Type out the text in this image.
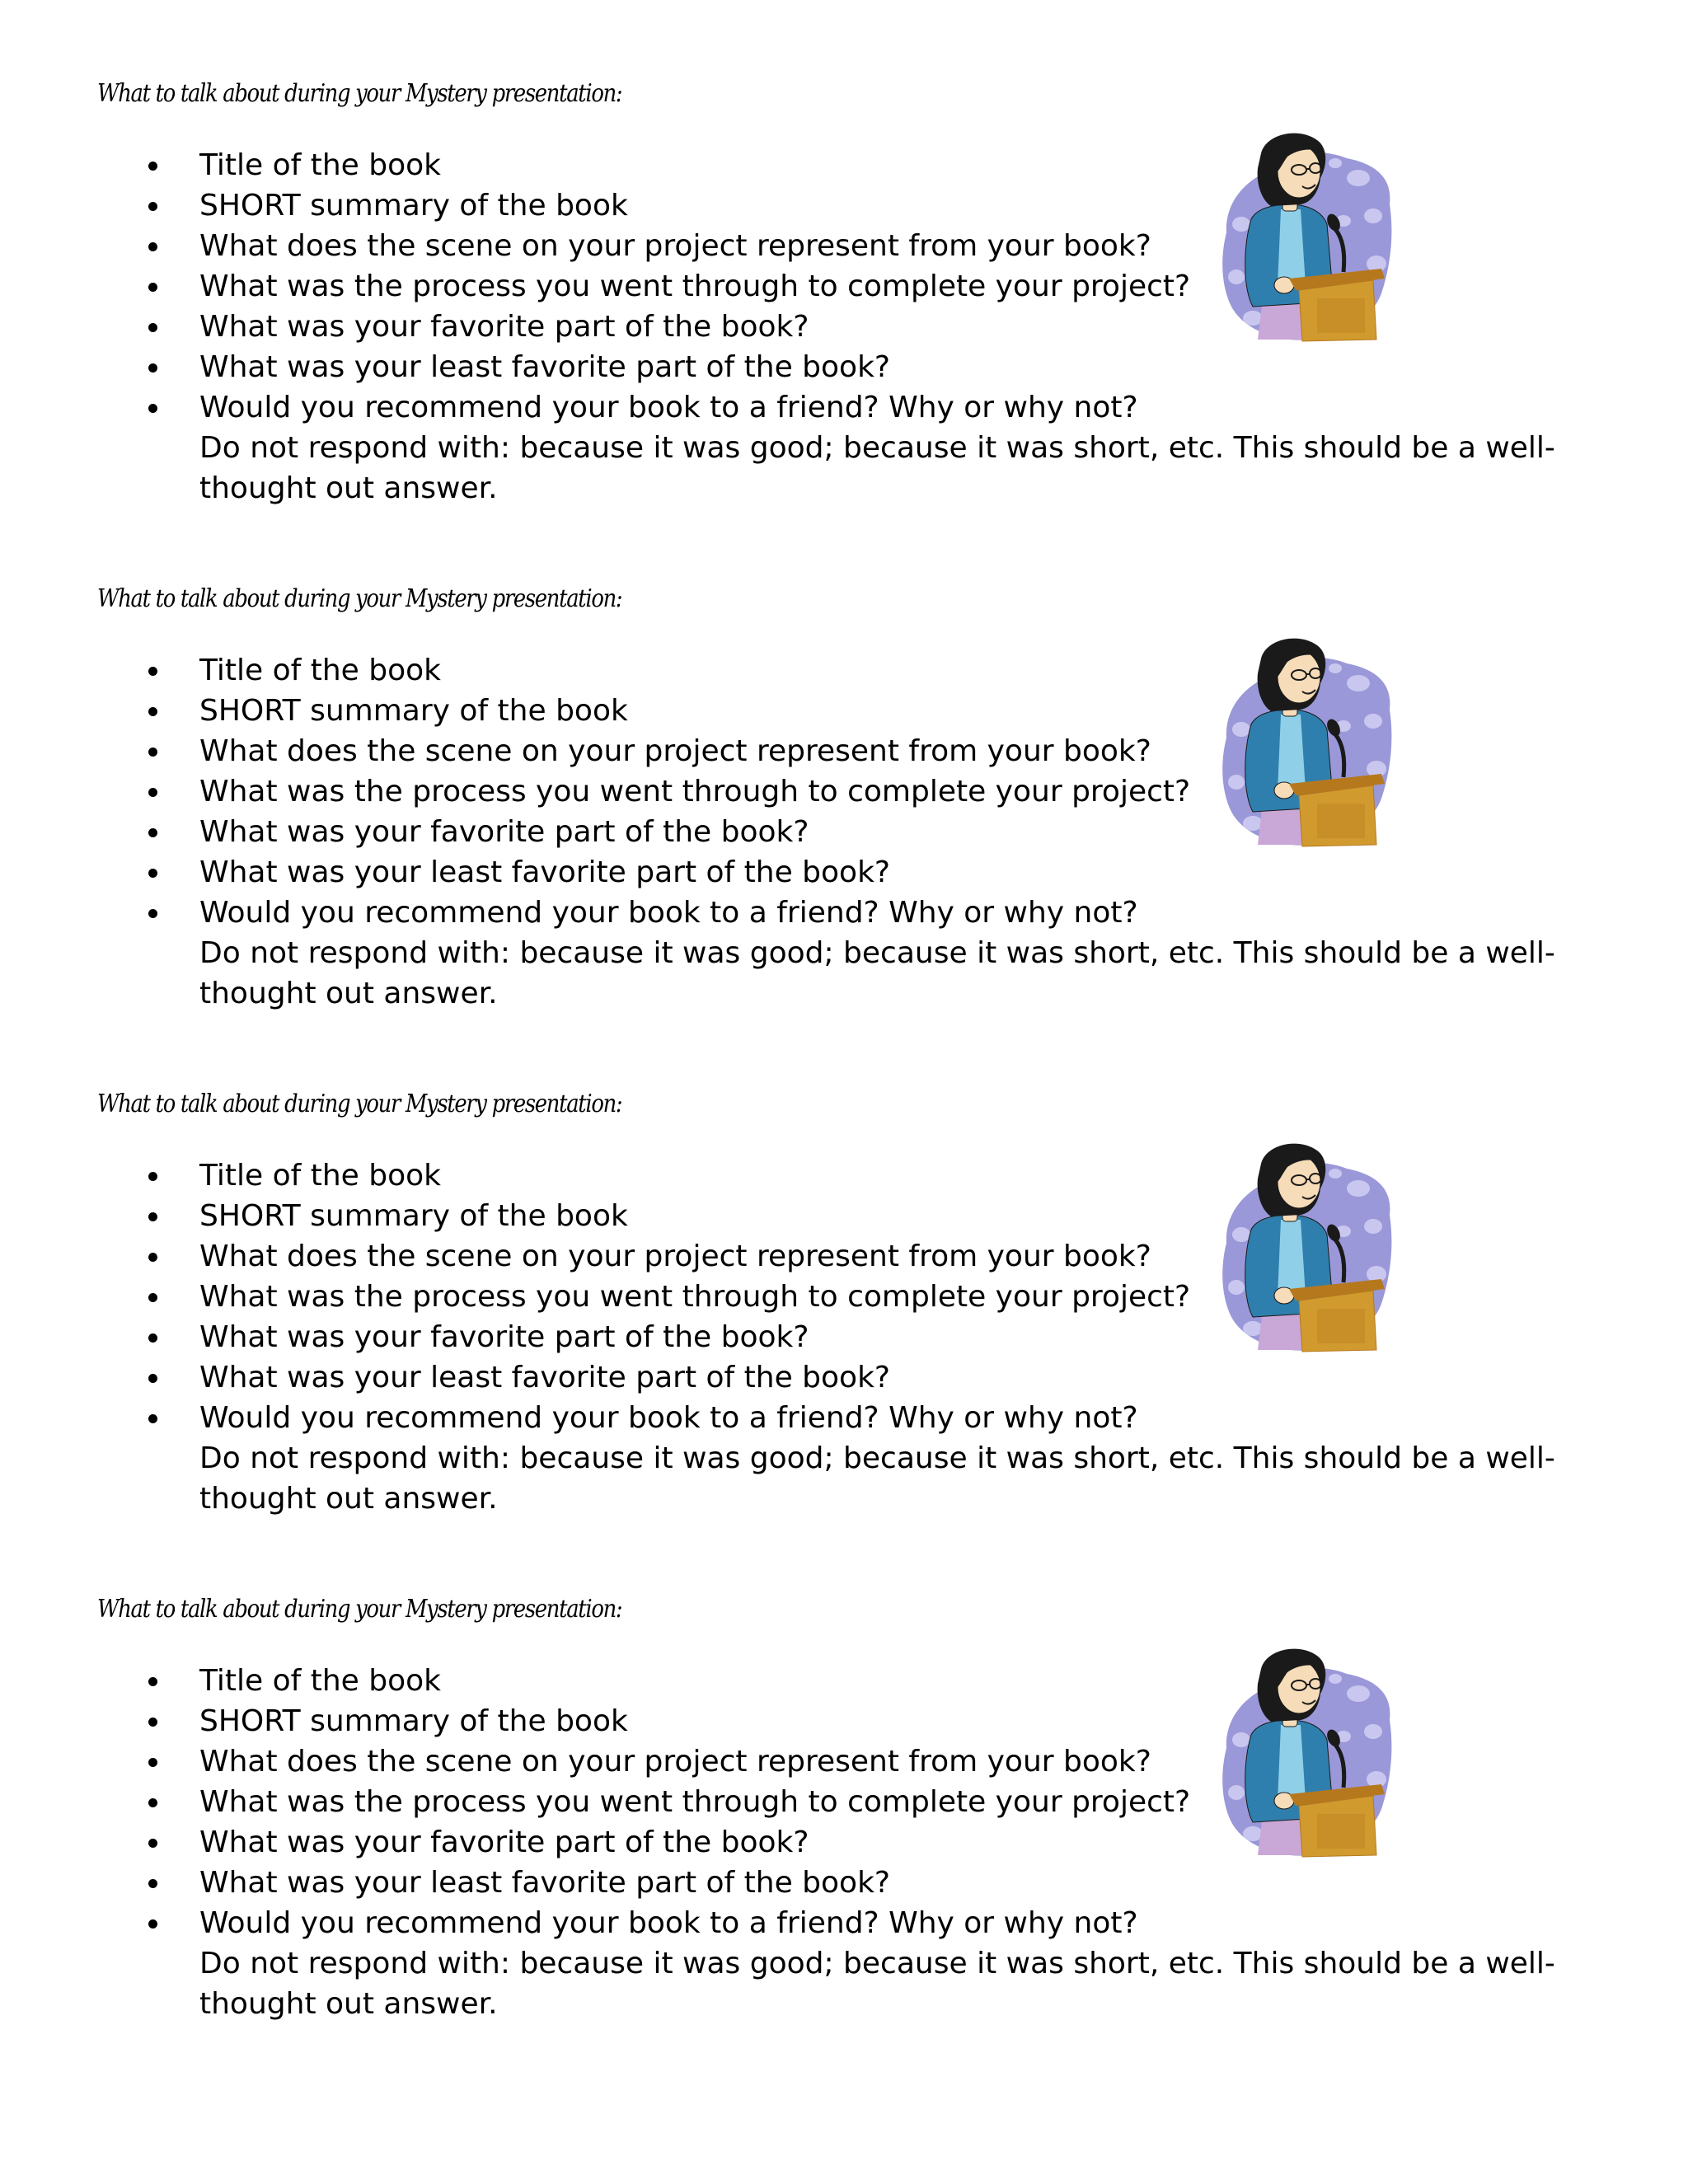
What to talk about during your Mystery presentation:
Title of the book
SHORT summary of the book
What does the scene on your project represent from your book?
What was the process you went through to complete your project?
What was your favorite part of the book?
What was your least favorite part of the book?
Would you recommend your book to a friend? Why or why not?

Do not respond with: because it was good; because it was short, etc. This should be a well-thought out answer.

What to talk about during your Mystery presentation:
Title of the book
SHORT summary of the book
What does the scene on your project represent from your book?
What was the process you went through to complete your project?
What was your favorite part of the book?
What was your least favorite part of the book?
Would you recommend your book to a friend? Why or why not?

Do not respond with: because it was good; because it was short, etc. This should be a well-thought out answer.

What to talk about during your Mystery presentation:
Title of the book
SHORT summary of the book
What does the scene on your project represent from your book?
What was the process you went through to complete your project?
What was your favorite part of the book?
What was your least favorite part of the book?
Would you recommend your book to a friend? Why or why not?

Do not respond with: because it was good; because it was short, etc. This should be a well-thought out answer.

What to talk about during your Mystery presentation:
Title of the book
SHORT summary of the book
What does the scene on your project represent from your book?
What was the process you went through to complete your project?
What was your favorite part of the book?
What was your least favorite part of the book?
Would you recommend your book to a friend? Why or why not?

Do not respond with: because it was good; because it was short, etc. This should be a well-thought out answer.
